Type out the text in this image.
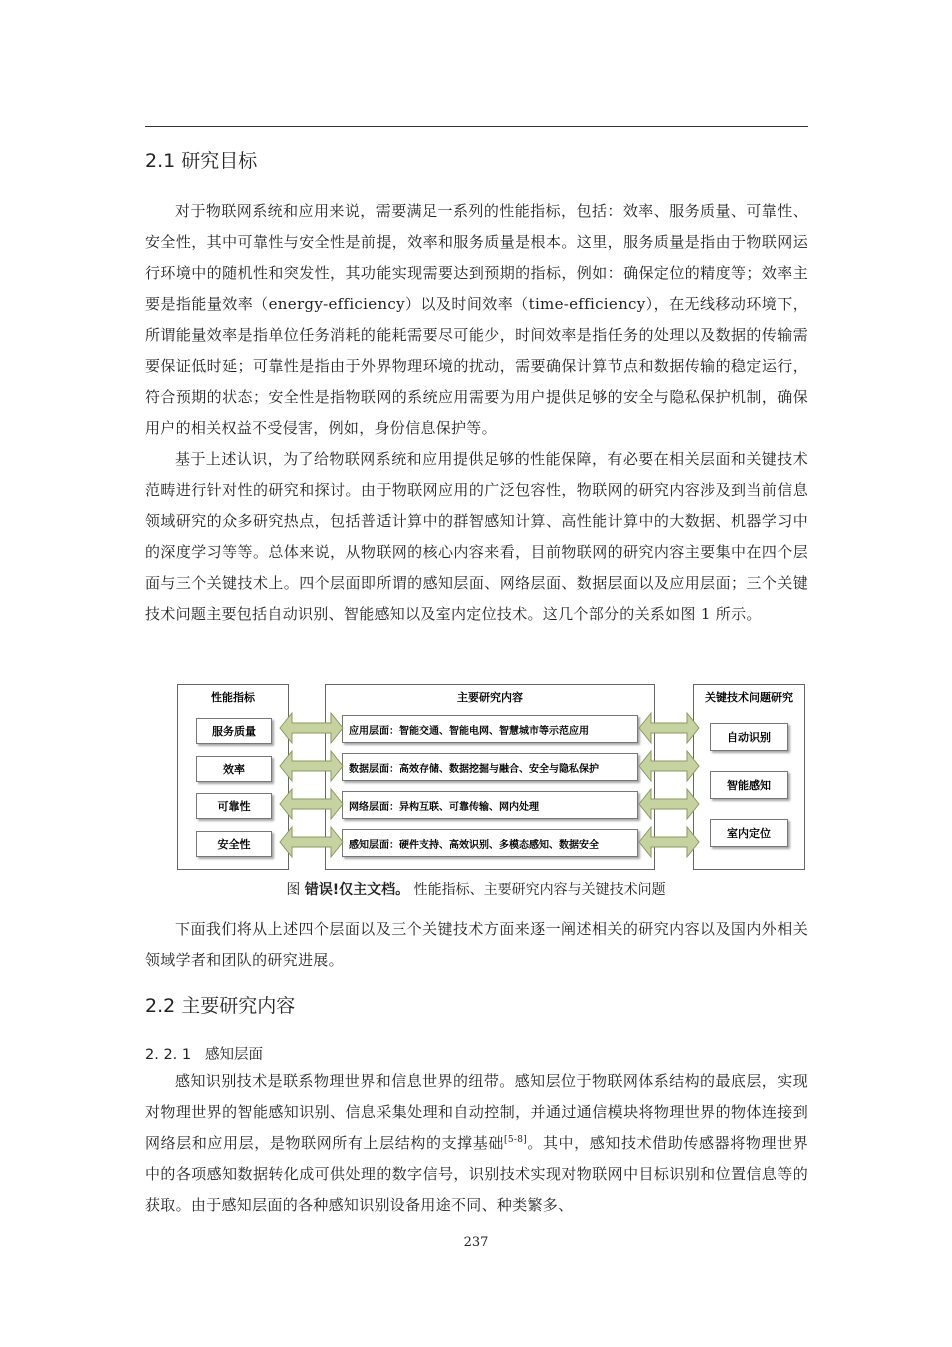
2.1 研究目标

对于物联网系统和应用来说，需要满足一系列的性能指标，包括：效率、服务质量、可靠性、安全性，其中可靠性与安全性是前提，效率和服务质量是根本。这里，服务质量是指由于物联网运行环境中的随机性和突发性，其功能实现需要达到预期的指标，例如：确保定位的精度等；效率主要是指能量效率（energy-efficiency）以及时间效率（time-efficiency），在无线移动环境下，所谓能量效率是指单位任务消耗的能耗需要尽可能少，时间效率是指任务的处理以及数据的传输需要保证低时延；可靠性是指由于外界物理环境的扰动，需要确保计算节点和数据传输的稳定运行，符合预期的状态；安全性是指物联网的系统应用需要为用户提供足够的安全与隐私保护机制，确保用户的相关权益不受侵害，例如，身份信息保护等。

基于上述认识，为了给物联网系统和应用提供足够的性能保障，有必要在相关层面和关键技术范畴进行针对性的研究和探讨。由于物联网应用的广泛包容性，物联网的研究内容涉及到当前信息领域研究的众多研究热点，包括普适计算中的群智感知计算、高性能计算中的大数据、机器学习中的深度学习等等。总体来说，从物联网的核心内容来看，目前物联网的研究内容主要集中在四个层面与三个关键技术上。四个层面即所谓的感知层面、网络层面、数据层面以及应用层面；三个关键技术问题主要包括自动识别、智能感知以及室内定位技术。这几个部分的关系如图 1 所示。

性能指标
服务质量
效率
可靠性
安全性
主要研究内容
应用层面：智能交通、智能电网、智慧城市等示范应用
数据层面：高效存储、数据挖掘与融合、安全与隐私保护
网络层面：异构互联、可靠传输、网内处理
感知层面：硬件支持、高效识别、多模态感知、数据安全
关键技术问题研究
自动识别
智能感知
室内定位
图 错误!仅主文档。 性能指标、主要研究内容与关键技术问题

下面我们将从上述四个层面以及三个关键技术方面来逐一阐述相关的研究内容以及国内外相关领域学者和团队的研究进展。

2.2 主要研究内容
2. 2. 1 感知层面

感知识别技术是联系物理世界和信息世界的纽带。感知层位于物联网体系结构的最底层，实现对物理世界的智能感知识别、信息采集处理和自动控制，并通过通信模块将物理世界的物体连接到网络层和应用层，是物联网所有上层结构的支撑基础[5-8]。其中，感知技术借助传感器将物理世界中的各项感知数据转化成可供处理的数字信号，识别技术实现对物联网中目标识别和位置信息等的获取。由于感知层面的各种感知识别设备用途不同、种类繁多、

237
